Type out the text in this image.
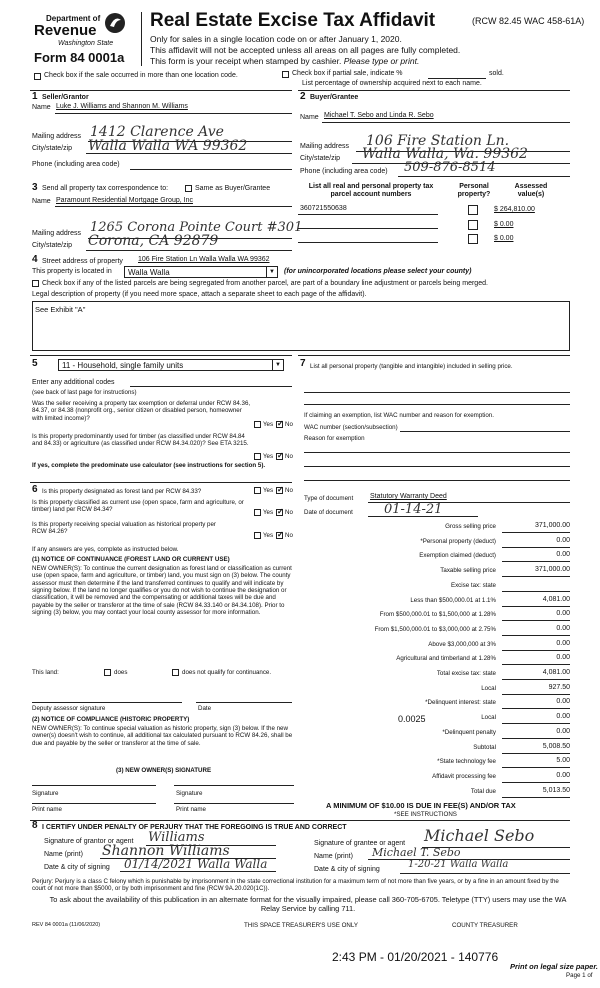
Department of
Revenue
Washington State
Form 84 0001a
Real Estate Excise Tax Affidavit	(RCW 82.45 WAC 458-61A)
Only for sales in a single location code on or after January 1, 2020.
This affidavit will not be accepted unless all areas on all pages are fully completed.
This form is your receipt when stamped by cashier. Please type or print.
Check box if the sale occurred in more than one location code.	Check box if partial sale, indicate %	sold.
List percentage of ownership acquired next to each name.
1 Seller/Grantor
Name Luke J. Williams and Shannon M. Williams
Mailing address 1412 Clarence Ave
City/state/zip Walla Walla WA 99362
Phone (including area code)
2 Buyer/Grantee
Name Michael T. Sebo and Linda R. Sebo
Mailing address 106 Fire Station Ln.
City/state/zip Walla Walla, Wa. 99362
Phone (including area code) 509-876-8514
3 Send all property tax correspondence to:	Same as Buyer/Grantee
Name Paramount Residential Mortgage Group, Inc
Mailing address 1265 Corona Pointe Court #301
City/state/zip Corona, CA 92879
List all real and personal property tax parcel account numbers
Personal property?
Assessed value(s)
360721550638	$ 264,810.00
$ 0.00
$ 0.00
4 Street address of property 106 Fire Station Ln Walla Walla WA 99362
This property is located in Walla Walla	▼ (for unincorporated locations please select your county)
Check box if any of the listed parcels are being segregated from another parcel, are part of a boundary line adjustment or parcels being merged.
Legal description of property (if you need more space, attach a separate sheet to each page of the affidavit).
See Exhibit "A"
5	11 - Household, single family units	▼
Enter any additional codes
(see back of last page for instructions)
Was the seller receiving a property tax exemption or deferral under RCW 84.36, 84.37, or 84.38 (nonprofit org., senior citizen or disabled person, homeowner with limited income)?
Yes ✓ No
Is this property predominantly used for timber (as classified under RCW 84.84 and 84.33) or agriculture (as classified under RCW 84.34.020)? See ETA 3215.
Yes ✓ No
If yes, complete the predominate use calculator (see instructions for section 5).
6 Is this property designated as forest land per RCW 84.33?	Yes ✓ No
Is this property classified as current use (open space, farm and agriculture, or timber) land per RCW 84.34?	Yes ✓ No
Is this property receiving special valuation as historical property per RCW 84.26?
Yes ✓ No
If any answers are yes, complete as instructed below.
(1) NOTICE OF CONTINUANCE (FOREST LAND OR CURRENT USE)
NEW OWNER(S): To continue the current designation as forest land or classification as current use (open space, farm and agriculture, or timber) land, you must sign on (3) below. The county assessor must then determine if the land transferred continues to qualify and will indicate by signing below. If the land no longer qualifies or you do not wish to continue the designation or classification, it will be removed and the compensating or additional taxes will be due and payable by the seller or transferor at the time of sale (RCW 84.33.140 or 84.34.108). Prior to signing (3) below, you may contact your local county assessor for more information.
This land:	does	does not qualify for continuance.
Deputy assessor signature	Date
(2) NOTICE OF COMPLIANCE (HISTORIC PROPERTY)
NEW OWNER(S): To continue special valuation as historic property, sign (3) below. If the new owner(s) doesn't wish to continue, all additional tax calculated pursuant to RCW 84.26, shall be due and payable by the seller or transferor at the time of sale.
(3) NEW OWNER(S) SIGNATURE
Signature	Signature
Print name	Print name
7 List all personal property (tangible and intangible) included in selling price.
If claiming an exemption, list WAC number and reason for exemption.
WAC number (section/subsection)
Reason for exemption
Type of document Statutory Warranty Deed
Date of document 01-14-21
Gross selling price	371,000.00
*Personal property (deduct)	0.00
Exemption claimed (deduct)	0.00
Taxable selling price	371,000.00
Excise tax: state
Less than $500,000.01 at 1.1%	4,081.00
From $500,000.01 to $1,500,000 at 1.28%	0.00
From $1,500,000.01 to $3,000,000 at 2.75%	0.00
Above $3,000,000 at 3%	0.00
Agricultural and timberland at 1.28%	0.00
Total excise tax: state	4,081.00
Local	927.50
*Delinquent interest: state	0.00
Local	0.00
*Delinquent penalty	0.00
Subtotal	5,008.50
*State technology fee	5.00
Affidavit processing fee	0.00
Total due	5,013.50
0.0025
A MINIMUM OF $10.00 IS DUE IN FEE(S) AND/OR TAX
*SEE INSTRUCTIONS
8 I CERTIFY UNDER PENALTY OF PERJURY THAT THE FOREGOING IS TRUE AND CORRECT
Signature of grantor or agent Williams
Name (print) Shannon Williams
Date & city of signing 01/14/2021 Walla Walla
Signature of grantee or agent Michael Sebo
Name (print) Michael T. Sebo
Date & city of signing	1-20-21 Walla Walla
Perjury: Perjury is a class C felony which is punishable by imprisonment in the state correctional institution for a maximum term of not more than five years, or by a fine in an amount fixed by the court of not more than $5000, or by both imprisonment and fine (RCW 9A.20.020(1C)).
To ask about the availability of this publication in an alternate format for the visually impaired, please call 360-705-6705. Teletype (TTY) users may use the WA Relay Service by calling 711.
REV 84 0001a (11/06/2020)	THIS SPACE TREASURER'S USE ONLY	COUNTY TREASURER
2:43 PM - 01/20/2021 - 140776
Print on legal size paper.
Page 1 of
